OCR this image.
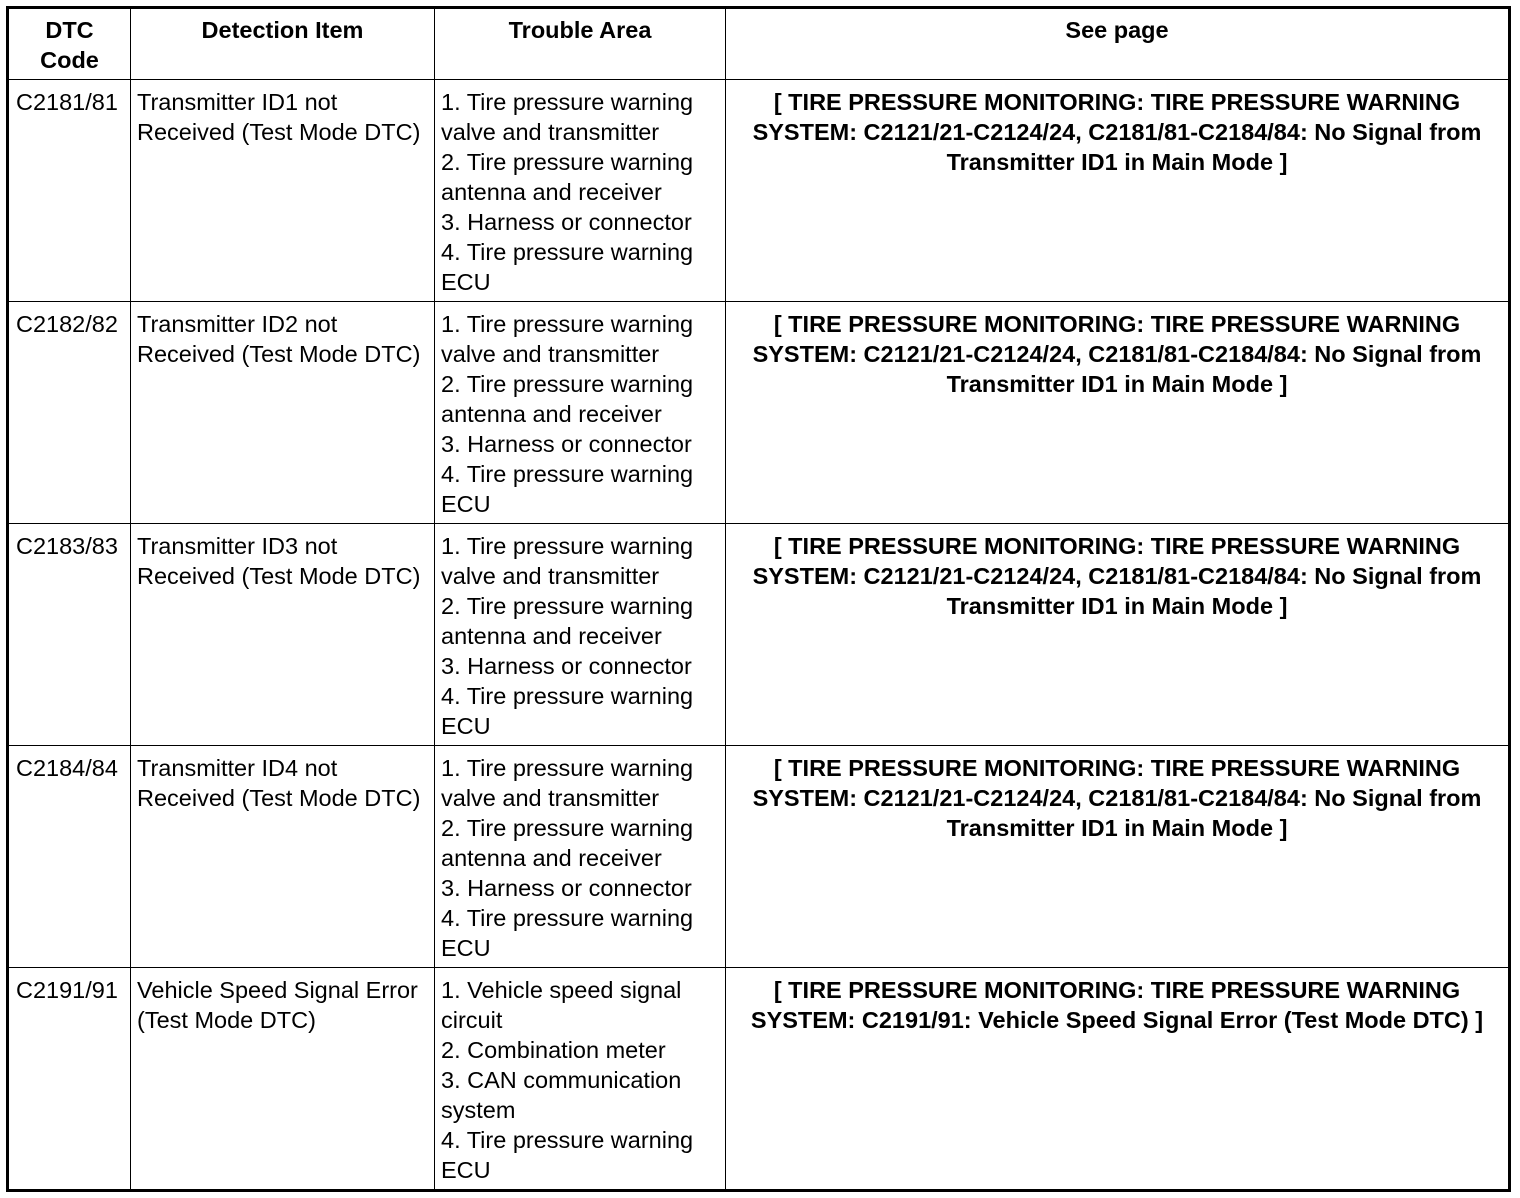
DTC
Code	Detection Item	Trouble Area	See page
C2181/81	Transmitter ID1 not Received (Test Mode DTC)	1. Tire pressure warning valve and transmitter
2. Tire pressure warning antenna and receiver
3. Harness or connector
4. Tire pressure warning ECU	[ TIRE PRESSURE MONITORING: TIRE PRESSURE WARNING SYSTEM: C2121/21-C2124/24, C2181/81-C2184/84: No Signal from Transmitter ID1 in Main Mode ]
C2182/82	Transmitter ID2 not Received (Test Mode DTC)	1. Tire pressure warning valve and transmitter
2. Tire pressure warning antenna and receiver
3. Harness or connector
4. Tire pressure warning ECU	[ TIRE PRESSURE MONITORING: TIRE PRESSURE WARNING SYSTEM: C2121/21-C2124/24, C2181/81-C2184/84: No Signal from Transmitter ID1 in Main Mode ]
C2183/83	Transmitter ID3 not Received (Test Mode DTC)	1. Tire pressure warning valve and transmitter
2. Tire pressure warning antenna and receiver
3. Harness or connector
4. Tire pressure warning ECU	[ TIRE PRESSURE MONITORING: TIRE PRESSURE WARNING SYSTEM: C2121/21-C2124/24, C2181/81-C2184/84: No Signal from Transmitter ID1 in Main Mode ]
C2184/84	Transmitter ID4 not Received (Test Mode DTC)	1. Tire pressure warning valve and transmitter
2. Tire pressure warning antenna and receiver
3. Harness or connector
4. Tire pressure warning ECU	[ TIRE PRESSURE MONITORING: TIRE PRESSURE WARNING SYSTEM: C2121/21-C2124/24, C2181/81-C2184/84: No Signal from Transmitter ID1 in Main Mode ]
C2191/91	Vehicle Speed Signal Error (Test Mode DTC)	1. Vehicle speed signal circuit
2. Combination meter
3. CAN communication system
4. Tire pressure warning ECU	[ TIRE PRESSURE MONITORING: TIRE PRESSURE WARNING SYSTEM: C2191/91: Vehicle Speed Signal Error (Test Mode DTC) ]
